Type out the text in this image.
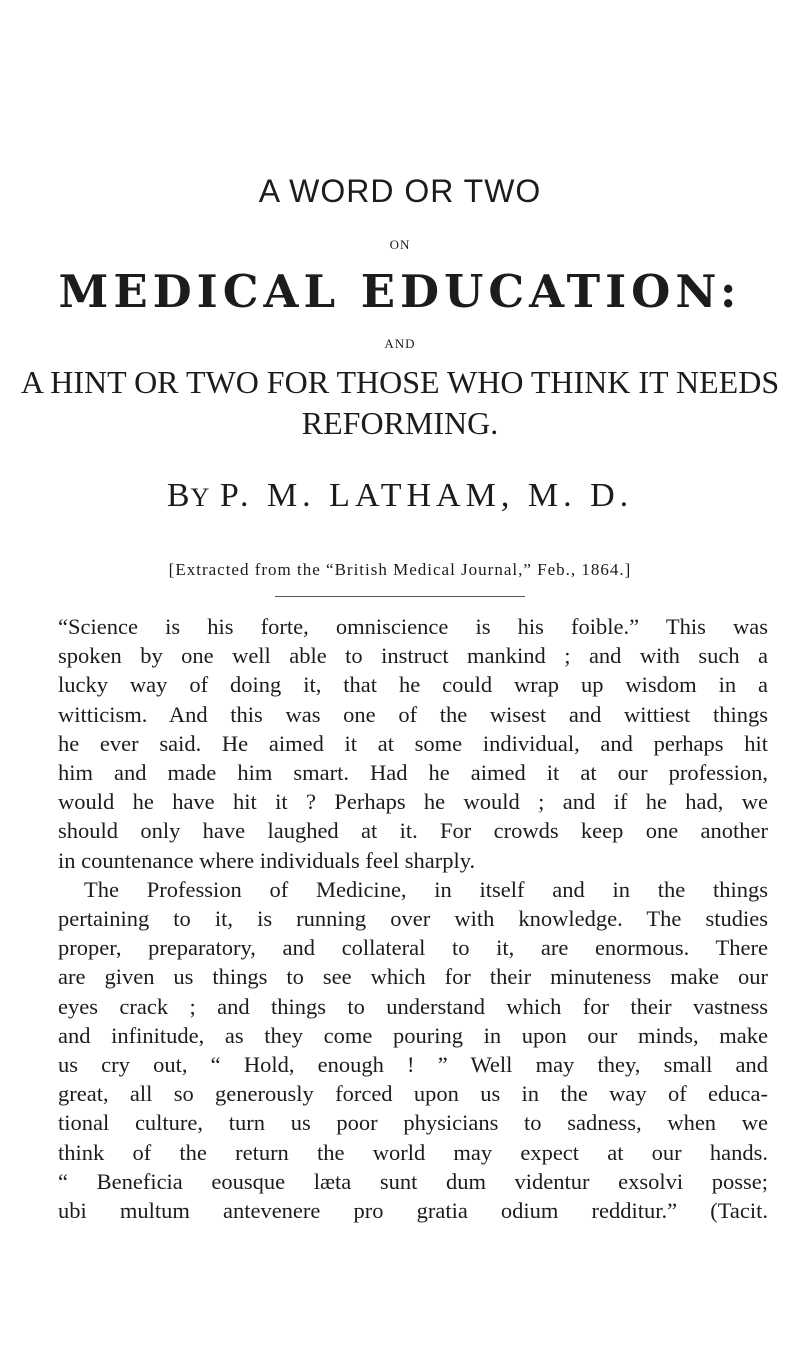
A WORD OR TWO
ON
MEDICAL EDUCATION:
AND
A HINT OR TWO FOR THOSE WHO THINK IT NEEDS
REFORMING.
BY P. M. LATHAM, M. D.
[Extracted from the “British Medical Journal,” Feb., 1864.]
“Science is his forte, omniscience is his foible.” This was
spoken by one well able to instruct mankind ; and with such a
lucky way of doing it, that he could wrap up wisdom in a
witticism. And this was one of the wisest and wittiest things
he ever said. He aimed it at some individual, and perhaps hit
him and made him smart. Had he aimed it at our profession,
would he have hit it ? Perhaps he would ; and if he had, we
should only have laughed at it. For crowds keep one another
in countenance where individuals feel sharply.
The Profession of Medicine, in itself and in the things
pertaining to it, is running over with knowledge. The studies
proper, preparatory, and collateral to it, are enormous. There
are given us things to see which for their minuteness make our
eyes crack ; and things to understand which for their vastness
and infinitude, as they come pouring in upon our minds, make
us cry out, “ Hold, enough ! ” Well may they, small and
great, all so generously forced upon us in the way of educa-
tional culture, turn us poor physicians to sadness, when we
think of the return the world may expect at our hands.
“ Beneficia eousque læta sunt dum videntur exsolvi posse;
ubi multum antevenere pro gratia odium redditur.” (Tacit.
